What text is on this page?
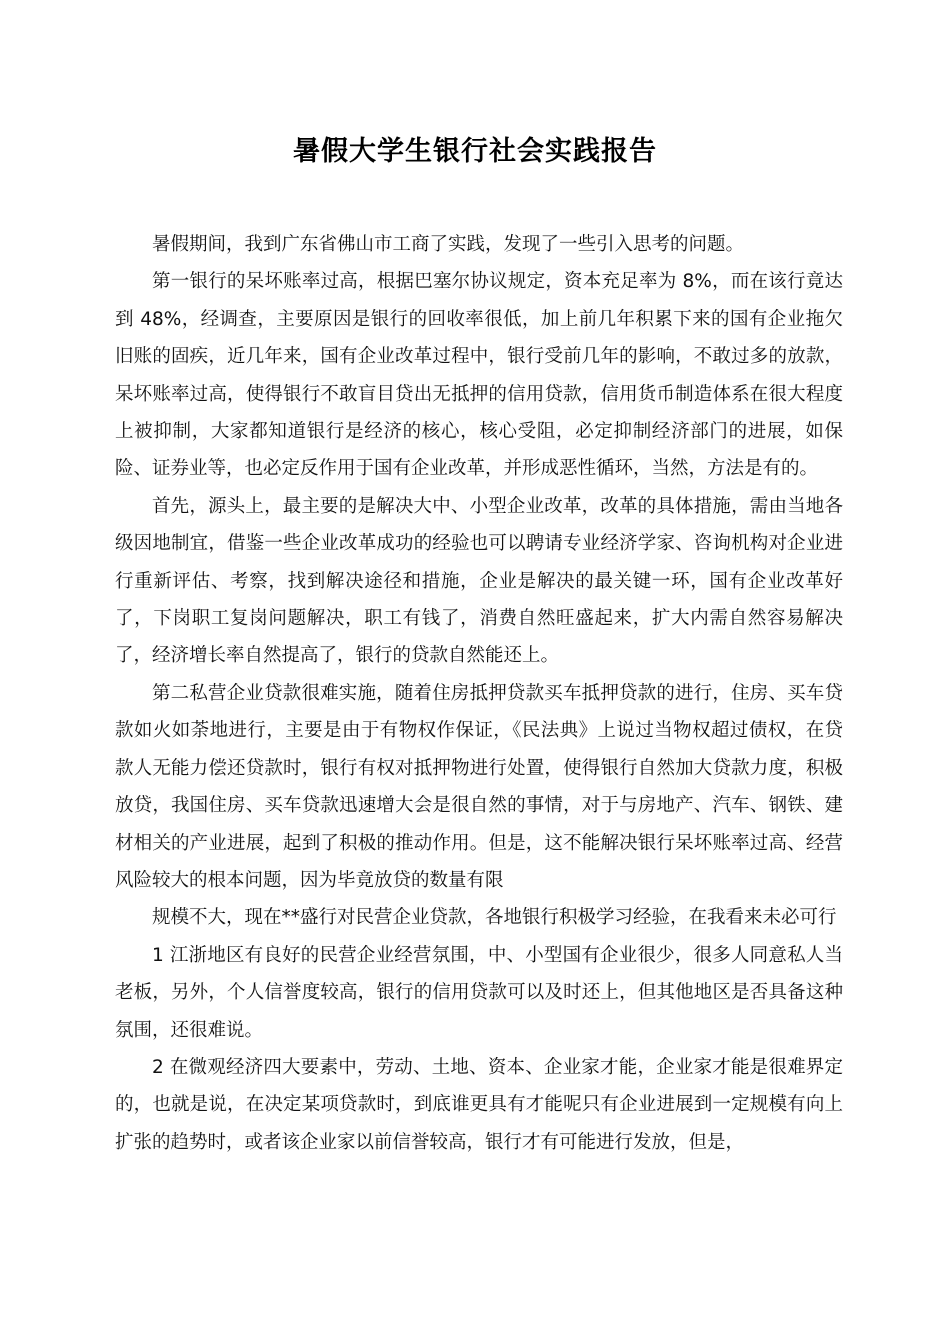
暑假大学生银行社会实践报告

暑假期间，我到广东省佛山市工商了实践，发现了一些引入思考的问题。

第一银行的呆坏账率过高，根据巴塞尔协议规定，资本充足率为 8%，而在该行竟达到 48%，经调查，主要原因是银行的回收率很低，加上前几年积累下来的国有企业拖欠旧账的固疾，近几年来，国有企业改革过程中，银行受前几年的影响，不敢过多的放款，呆坏账率过高，使得银行不敢盲目贷出无抵押的信用贷款，信用货币制造体系在很大程度上被抑制，大家都知道银行是经济的核心，核心受阻，必定抑制经济部门的进展，如保险、证券业等，也必定反作用于国有企业改革，并形成恶性循环，当然，方法是有的。

首先，源头上，最主要的是解决大中、小型企业改革，改革的具体措施，需由当地各级因地制宜，借鉴一些企业改革成功的经验也可以聘请专业经济学家、咨询机构对企业进行重新评估、考察，找到解决途径和措施，企业是解决的最关键一环，国有企业改革好了，下岗职工复岗问题解决，职工有钱了，消费自然旺盛起来，扩大内需自然容易解决了，经济增长率自然提高了，银行的贷款自然能还上。

第二私营企业贷款很难实施，随着住房抵押贷款买车抵押贷款的进行，住房、买车贷款如火如荼地进行，主要是由于有物权作保证，《民法典》上说过当物权超过债权，在贷款人无能力偿还贷款时，银行有权对抵押物进行处置，使得银行自然加大贷款力度，积极放贷，我国住房、买车贷款迅速增大会是很自然的事情，对于与房地产、汽车、钢铁、建材相关的产业进展，起到了积极的推动作用。但是，这不能解决银行呆坏账率过高、经营风险较大的根本问题，因为毕竟放贷的数量有限

规模不大，现在**盛行对民营企业贷款，各地银行积极学习经验，在我看来未必可行

1 江浙地区有良好的民营企业经营氛围，中、小型国有企业很少，很多人同意私人当老板，另外，个人信誉度较高，银行的信用贷款可以及时还上，但其他地区是否具备这种氛围，还很难说。

2 在微观经济四大要素中，劳动、土地、资本、企业家才能，企业家才能是很难界定的，也就是说，在决定某项贷款时，到底谁更具有才能呢只有企业进展到一定规模有向上扩张的趋势时，或者该企业家以前信誉较高，银行才有可能进行发放，但是，
